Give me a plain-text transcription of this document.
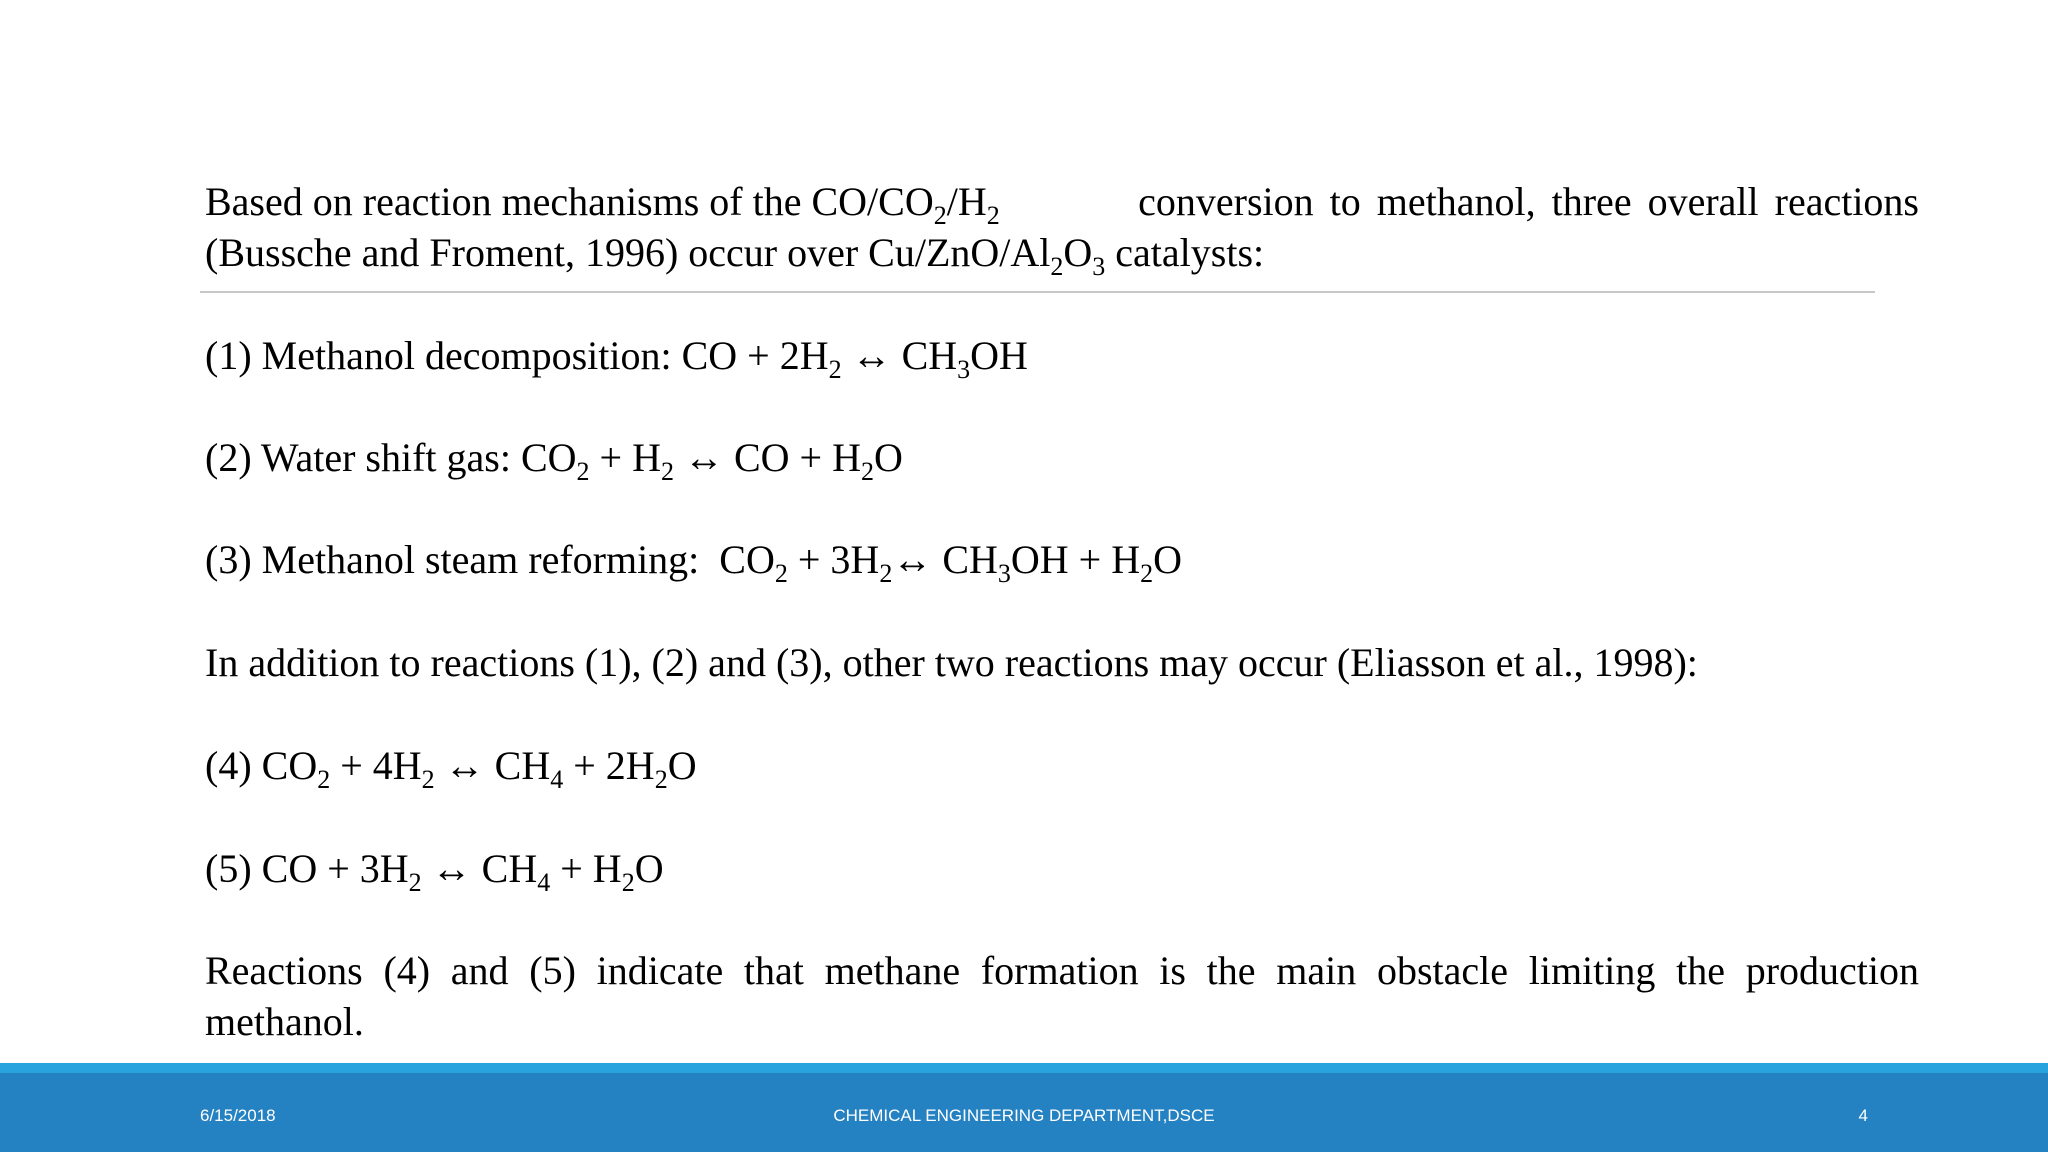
Based on reaction mechanisms of the $CO/CO_2/H_2$	conversion to methanol, three overall reactions
(Bussche and Froment, 1996) occur over $Cu/ZnO/Al_2O_3$ catalysts:
(1) Methanol decomposition: CO + $2H_2$ ↔ $CH_3OH$
(2) Water shift gas: $CO_2 + H_2$ ↔ CO + $H_2O$
(3) Methanol steam reforming:  $CO_2$ + $3H_2\leftrightarrow$ $CH_3OH + H_2O$
In addition to reactions (1), (2) and (3), other two reactions may occur (Eliasson et al., 1998):
(4) $CO_2 + 4H_2$ ↔ $CH_4 + 2H_2O$
(5) CO + $3H_2$ ↔ $CH_4 + H_2O$
Reactions (4) and (5) indicate that methane formation is the main obstacle limiting the production
methanol.
6/15/2018	CHEMICAL ENGINEERING DEPARTMENT,DSCE	4
